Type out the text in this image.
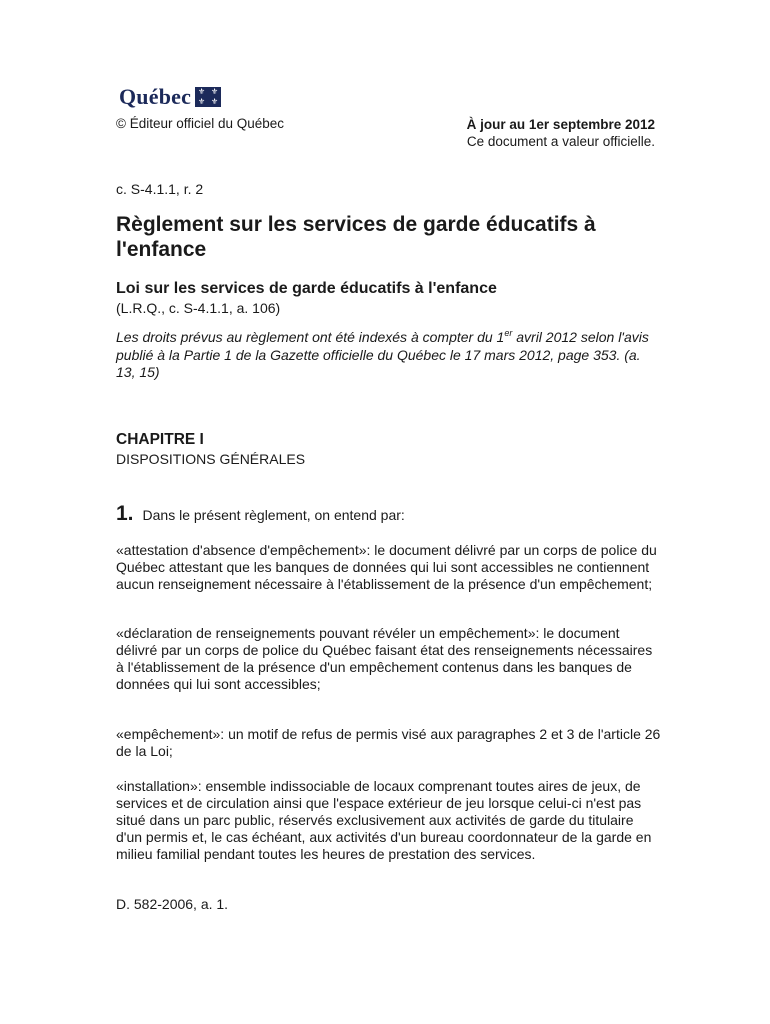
Québec ⚜ ⚜
⚜ ⚜
© Éditeur officiel du Québec	À jour au 1er septembre 2012
Ce document a valeur officielle.
c. S-4.1.1, r. 2
Règlement sur les services de garde éducatifs à l'enfance
Loi sur les services de garde éducatifs à l'enfance
(L.R.Q., c. S-4.1.1, a. 106)
Les droits prévus au règlement ont été indexés à compter du 1er avril 2012 selon l'avis publié à la Partie 1 de la Gazette officielle du Québec le 17 mars 2012, page 353. (a. 13, 15)
CHAPITRE I
DISPOSITIONS GÉNÉRALES
1. Dans le présent règlement, on entend par:
«attestation d'absence d'empêchement»: le document délivré par un corps de police du Québec attestant que les banques de données qui lui sont accessibles ne contiennent aucun renseignement nécessaire à l'établissement de la présence d'un empêchement;
«déclaration de renseignements pouvant révéler un empêchement»: le document délivré par un corps de police du Québec faisant état des renseignements nécessaires à l'établissement de la présence d'un empêchement contenus dans les banques de données qui lui sont accessibles;
«empêchement»: un motif de refus de permis visé aux paragraphes 2 et 3 de l'article 26 de la Loi;
«installation»: ensemble indissociable de locaux comprenant toutes aires de jeux, de services et de circulation ainsi que l'espace extérieur de jeu lorsque celui-ci n'est pas situé dans un parc public, réservés exclusivement aux activités de garde du titulaire d'un permis et, le cas échéant, aux activités d'un bureau coordonnateur de la garde en milieu familial pendant toutes les heures de prestation des services.
D. 582-2006, a. 1.
